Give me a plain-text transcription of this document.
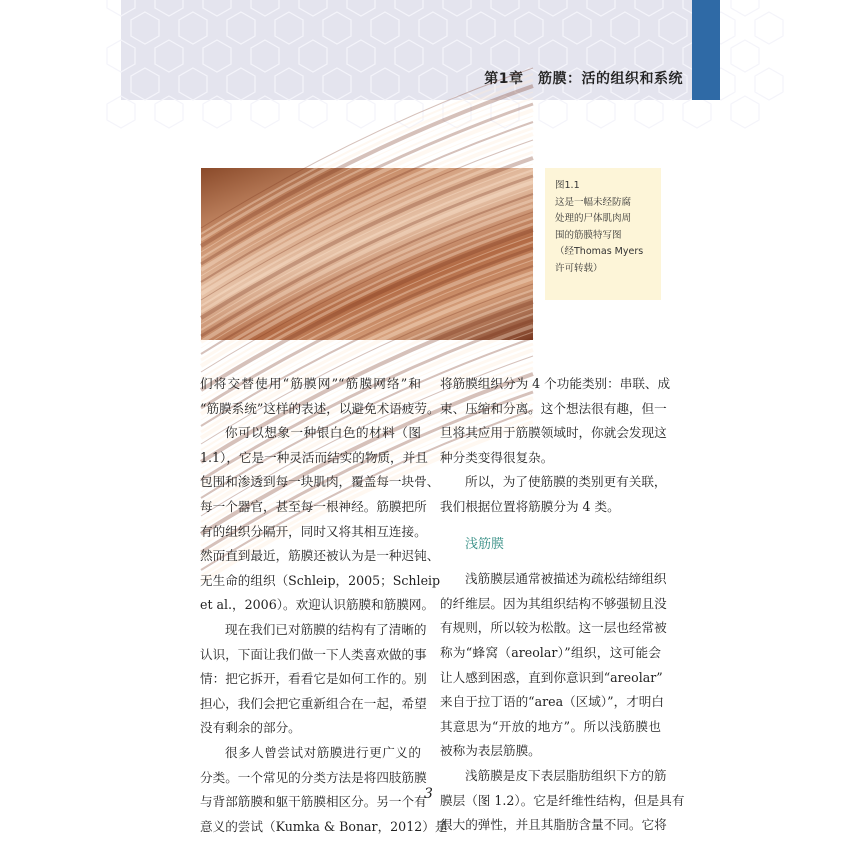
第1章　筋膜：活的组织和系统
图1.1
这是一幅未经防腐
处理的尸体肌肉周
围的筋膜特写图
（经Thomas Myers
许可转载）
们将交替使用“筋膜网”“筋膜网络”和
“筋膜系统”这样的表述，以避免术语疲劳。
你可以想象一种银白色的材料（图
1.1），它是一种灵活而结实的物质，并且
包围和渗透到每一块肌肉，覆盖每一块骨、
每一个器官，甚至每一根神经。筋膜把所
有的组织分隔开，同时又将其相互连接。
然而直到最近，筋膜还被认为是一种迟钝、
无生命的组织（Schleip，2005；Schleip
et al.，2006）。欢迎认识筋膜和筋膜网。
现在我们已对筋膜的结构有了清晰的
认识，下面让我们做一下人类喜欢做的事
情：把它拆开，看看它是如何工作的。别
担心，我们会把它重新组合在一起，希望
没有剩余的部分。
很多人曾尝试对筋膜进行更广义的
分类。一个常见的分类方法是将四肢筋膜
与背部筋膜和躯干筋膜相区分。另一个有
意义的尝试（Kumka & Bonar，2012）是
将筋膜组织分为 4 个功能类别：串联、成
束、压缩和分离。这个想法很有趣，但一
旦将其应用于筋膜领域时，你就会发现这
种分类变得很复杂。
所以，为了使筋膜的类别更有关联，
我们根据位置将筋膜分为 4 类。
浅筋膜
浅筋膜层通常被描述为疏松结缔组织
的纤维层。因为其组织结构不够强韧且没
有规则，所以较为松散。这一层也经常被
称为“蜂窝（areolar）”组织，这可能会
让人感到困惑，直到你意识到“areolar”
来自于拉丁语的“area（区域）”，才明白
其意思为“开放的地方”。所以浅筋膜也
被称为表层筋膜。
浅筋膜是皮下表层脂肪组织下方的筋
膜层（图 1.2）。它是纤维性结构，但是具有
很大的弹性，并且其脂肪含量不同。它将
3
